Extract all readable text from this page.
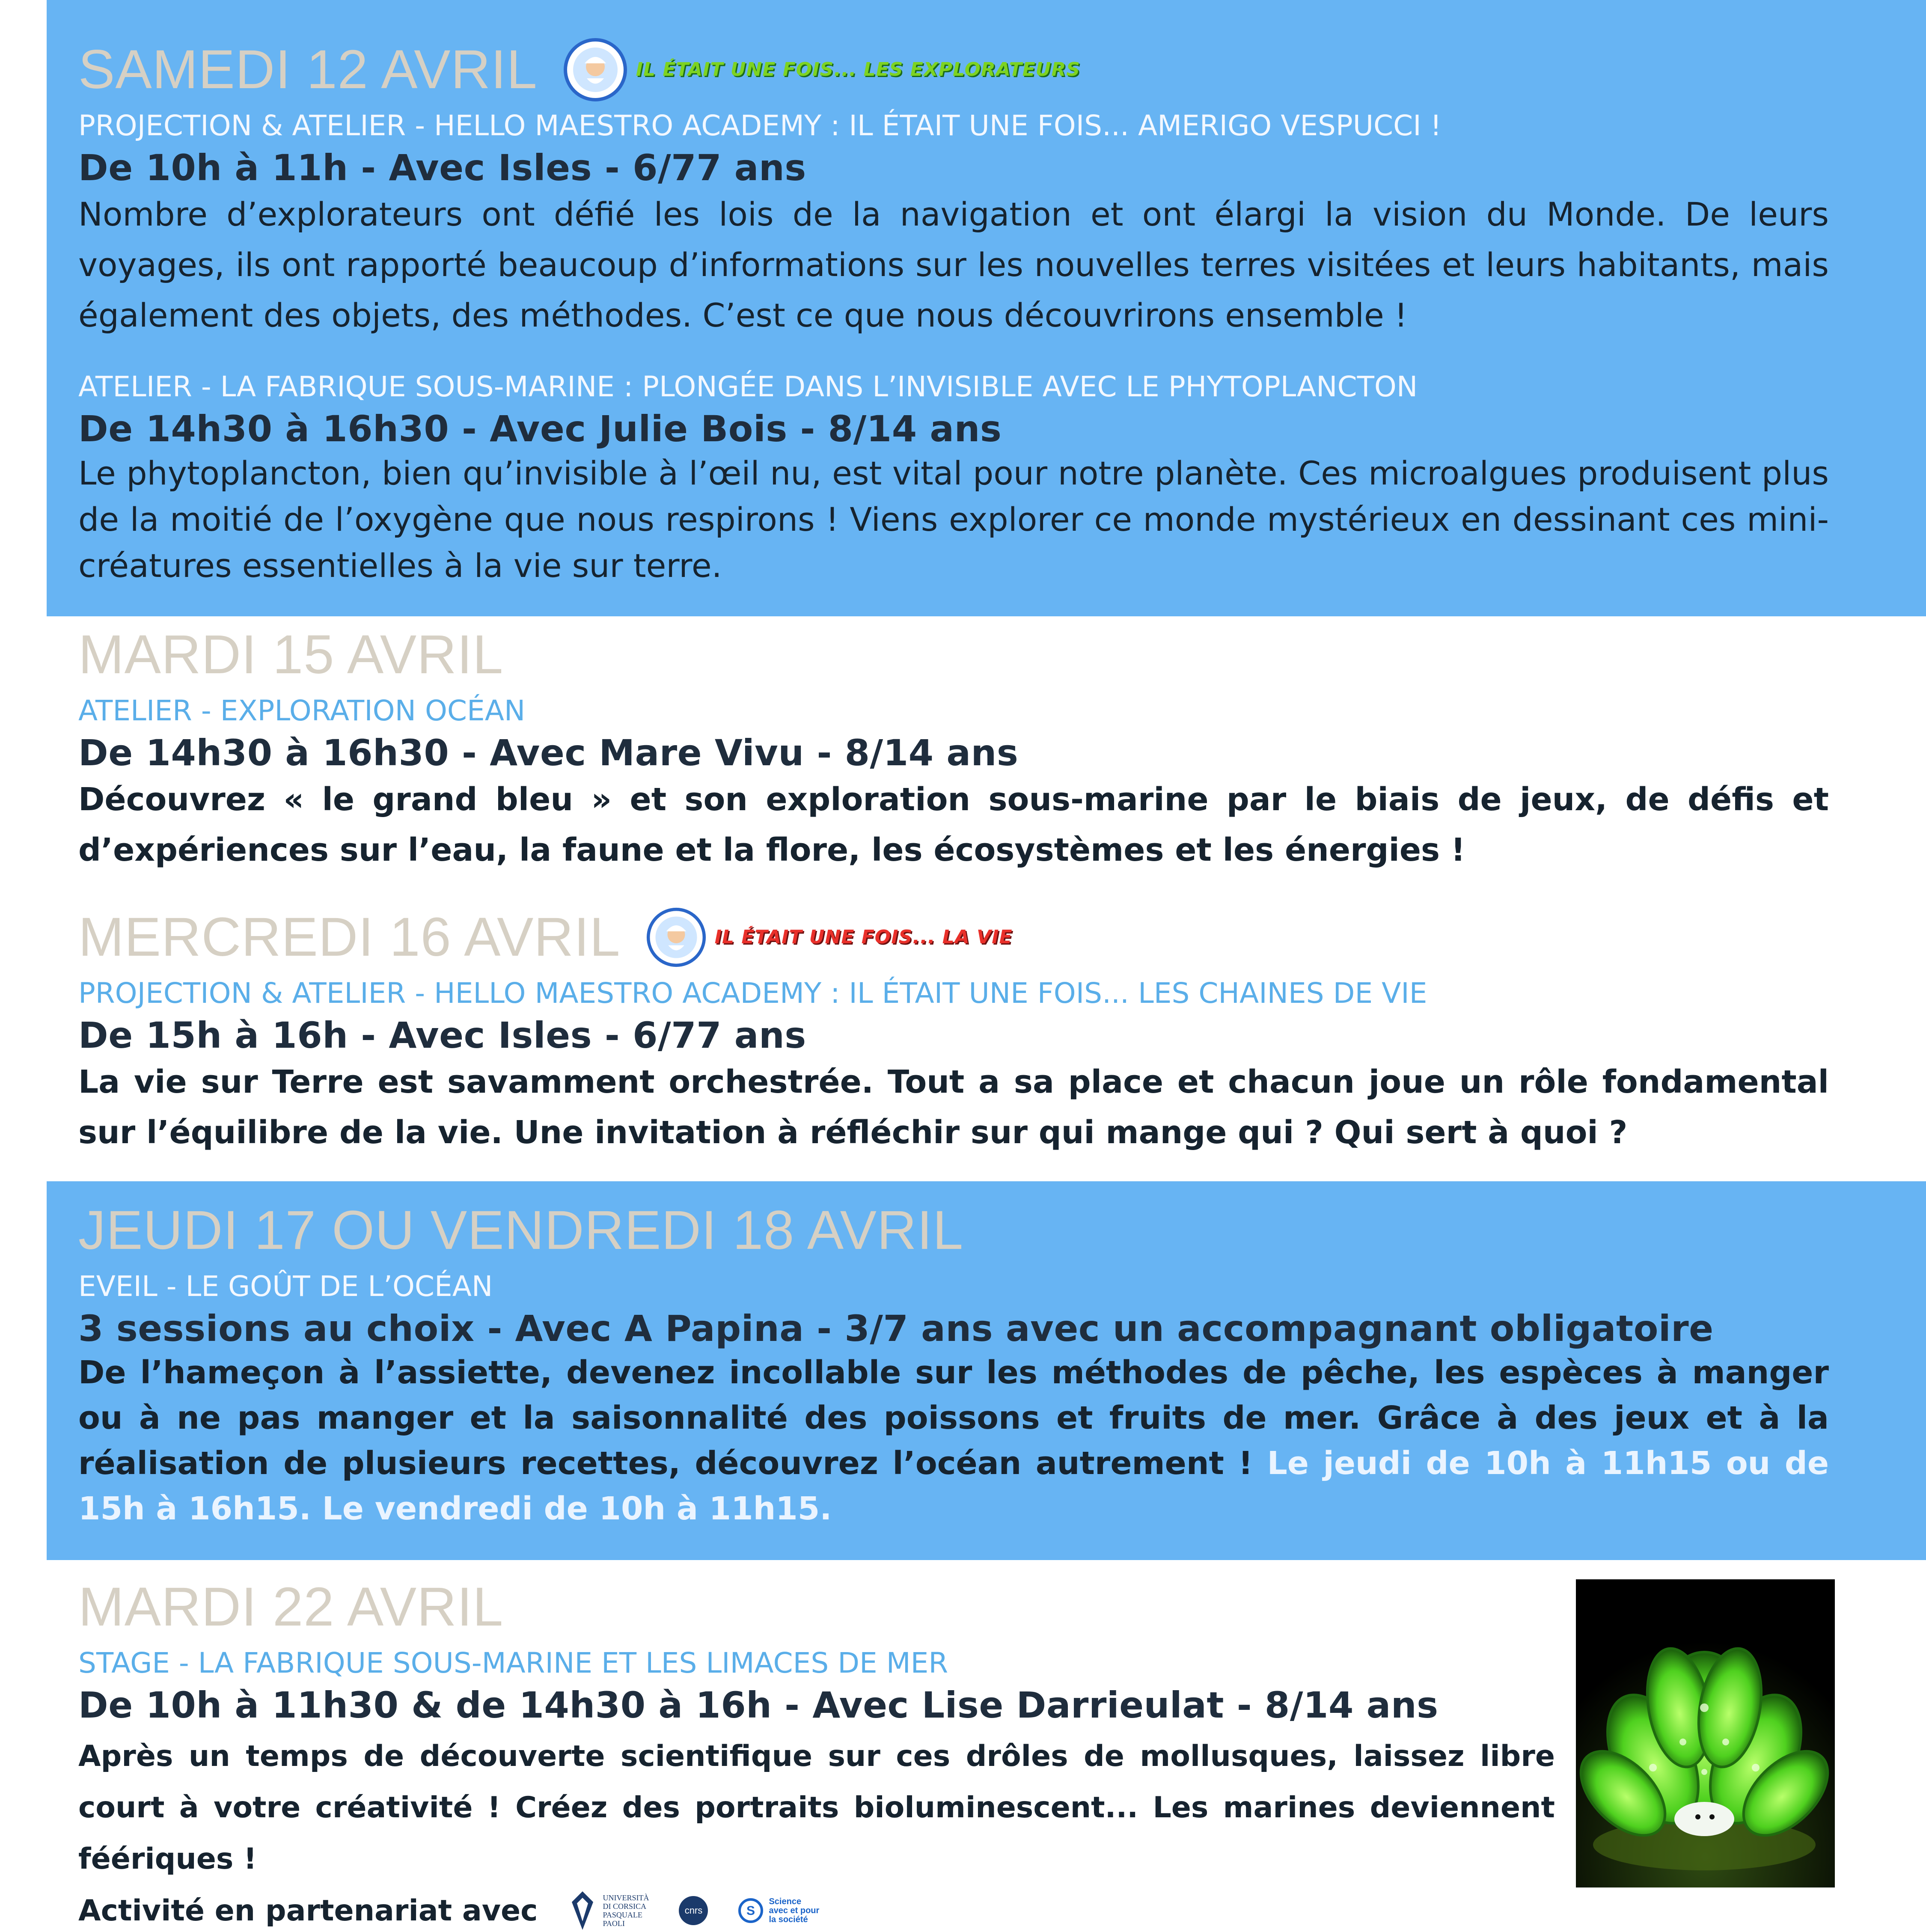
SAMEDI 12 AVRIL	IL ÉTAIT UNE FOIS... LES EXPLORATEURS
PROJECTION & ATELIER - HELLO MAESTRO ACADEMY : IL ÉTAIT UNE FOIS... AMERIGO VESPUCCI !
De 10h à 11h - Avec Isles - 6/77 ans
Nombre d’explorateurs ont défié les lois de la navigation et ont élargi la vision du Monde. De leurs voyages, ils ont rapporté beaucoup d’informations sur les nouvelles terres visitées et leurs habitants, mais également des objets, des méthodes. C’est ce que nous découvrirons ensemble !
ATELIER - LA FABRIQUE SOUS-MARINE : PLONGÉE DANS L’INVISIBLE AVEC LE PHYTOPLANCTON
De 14h30 à 16h30 - Avec Julie Bois - 8/14 ans
Le phytoplancton, bien qu’invisible à l’œil nu, est vital pour notre planète. Ces microalgues produisent plus de la moitié de l’oxygène que nous respirons ! Viens explorer ce monde mystérieux en dessinant ces mini-créatures essentielles à la vie sur terre.
MARDI 15 AVRIL
ATELIER - EXPLORATION OCÉAN
De 14h30 à 16h30 - Avec Mare Vivu - 8/14 ans
Découvrez « le grand bleu » et son exploration sous-marine par le biais de jeux, de défis et d’expériences sur l’eau, la faune et la flore, les écosystèmes et les énergies !
MERCREDI 16 AVRIL	IL ÉTAIT UNE FOIS... LA VIE
PROJECTION & ATELIER - HELLO MAESTRO ACADEMY : IL ÉTAIT UNE FOIS... LES CHAINES DE VIE
De 15h à 16h - Avec Isles - 6/77 ans
La vie sur Terre est savamment orchestrée. Tout a sa place et chacun joue un rôle fondamental sur l’équilibre de la vie. Une invitation à réfléchir sur qui mange qui ? Qui sert à quoi ?
JEUDI 17 OU VENDREDI 18 AVRIL
EVEIL - LE GOÛT DE L’OCÉAN
3 sessions au choix - Avec A Papina - 3/7 ans avec un accompagnant obligatoire
De l’hameçon à l’assiette, devenez incollable sur les méthodes de pêche, les espèces à manger ou à ne pas manger et la saisonnalité des poissons et fruits de mer. Grâce à des jeux et à la réalisation de plusieurs recettes, découvrez l’océan autrement ! Le jeudi de 10h à 11h15 ou de 15h à 16h15. Le vendredi de 10h à 11h15.
MARDI 22 AVRIL
STAGE - LA FABRIQUE SOUS-MARINE ET LES LIMACES DE MER
De 10h à 11h30 & de 14h30 à 16h - Avec Lise Darrieulat - 8/14 ans
Après un temps de découverte scientifique sur ces drôles de mollusques, laissez libre court à votre créativité ! Créez des portraits bioluminescent... Les marines deviennent féériques !
Activité en partenariat avec	UNIVERSITÀ
DI CORSICA
PASQUALE
PAOLI
cnrs	S
Science
avec et pour
la société
